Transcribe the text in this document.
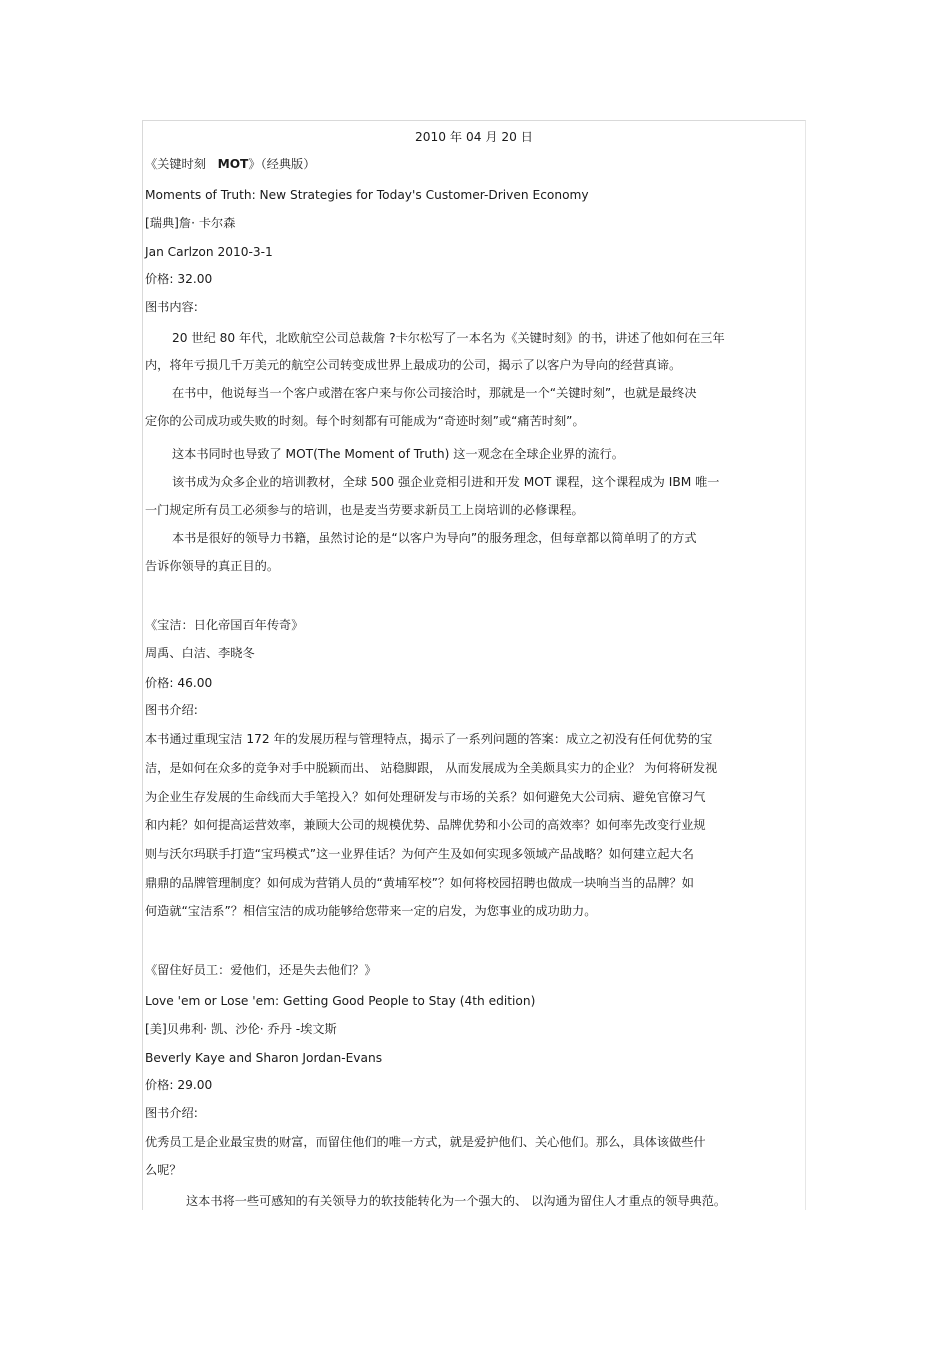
2010 年 04 月 20 日
《关键时刻 MOT》（经典版）
Moments of Truth: New Strategies for Today's Customer-Driven Economy
[瑞典]詹· 卡尔森
Jan Carlzon 2010-3-1
价格: 32.00
图书内容:
20 世纪 80 年代，北欧航空公司总裁詹 ?卡尔松写了一本名为《关键时刻》的书，讲述了他如何在三年
内，将年亏损几千万美元的航空公司转变成世界上最成功的公司，揭示了以客户为导向的经营真谛。
在书中，他说每当一个客户或潜在客户来与你公司接洽时，那就是一个“关键时刻”，也就是最终决
定你的公司成功或失败的时刻。每个时刻都有可能成为“奇迹时刻”或“痛苦时刻”。
这本书同时也导致了 MOT(The Moment of Truth) 这一观念在全球企业界的流行。
该书成为众多企业的培训教材，全球 500 强企业竞相引进和开发 MOT 课程，这个课程成为 IBM 唯一
一门规定所有员工必须参与的培训，也是麦当劳要求新员工上岗培训的必修课程。
本书是很好的领导力书籍，虽然讨论的是“以客户为导向”的服务理念，但每章都以简单明了的方式
告诉你领导的真正目的。
《宝洁：日化帝国百年传奇》
周禹、白洁、李晓冬
价格: 46.00
图书介绍:
本书通过重现宝洁 172 年的发展历程与管理特点，揭示了一系列问题的答案：成立之初没有任何优势的宝
洁，是如何在众多的竞争对手中脱颖而出、 站稳脚跟， 从而发展成为全美颇具实力的企业？ 为何将研发视
为企业生存发展的生命线而大手笔投入？如何处理研发与市场的关系？如何避免大公司病、避免官僚习气
和内耗？如何提高运营效率，兼顾大公司的规模优势、品牌优势和小公司的高效率？如何率先改变行业规
则与沃尔玛联手打造“宝玛模式”这一业界佳话？为何产生及如何实现多领域产品战略？如何建立起大名
鼎鼎的品牌管理制度？如何成为营销人员的“黄埔军校”？如何将校园招聘也做成一块响当当的品牌？如
何造就“宝洁系”？相信宝洁的成功能够给您带来一定的启发，为您事业的成功助力。
《留住好员工：爱他们，还是失去他们？》
Love 'em or Lose 'em: Getting Good People to Stay (4th edition)
[美]贝弗利· 凯、沙伦· 乔丹 -埃文斯
Beverly Kaye and Sharon Jordan-Evans
价格: 29.00
图书介绍:
优秀员工是企业最宝贵的财富，而留住他们的唯一方式，就是爱护他们、关心他们。那么，具体该做些什
么呢？
这本书将一些可感知的有关领导力的软技能转化为一个强大的、 以沟通为留住人才重点的领导典范。
